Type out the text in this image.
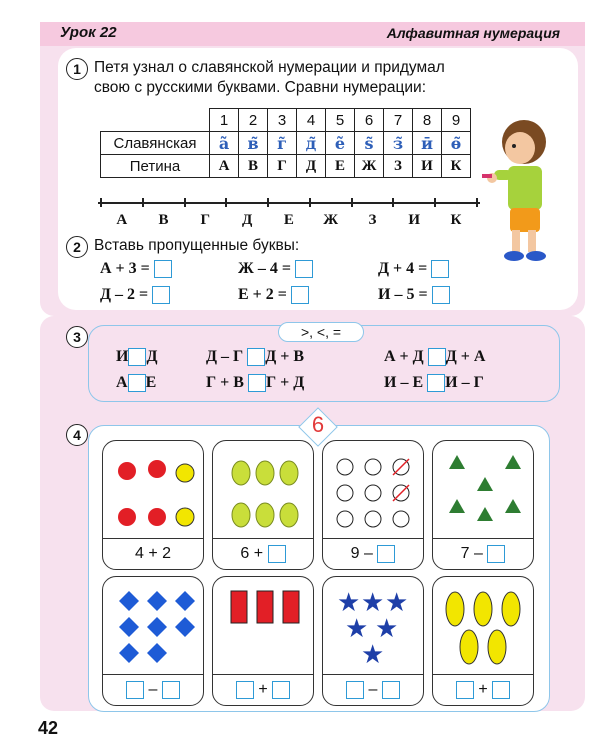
Урок 22	Алфавитная нумерация
1 Петя узнал о славянской нумерации и придумал
свою с русскими буквами. Сравни нумерации:
	1	2	3	4	5	6	7	8	9
Славянская	ã	в̃	г̃	д̃	ẽ	ѕ̃	з̃	ӣ	ѳ̃
Петина	А	В	Г	Д	Е	Ж	З	И	К
А	В	Г	Д	Е	Ж	З	И	К
2 Вставь пропущенные буквы:
А + 3 =	Ж – 4 =	Д + 4 =
Д – 2 =	Е + 2 =	И – 5 =
3	>, <, =
И Д	Д – Г Д + В	А + Д Д + А
А Е	Г + В Г + Д	И – Е И – Г
4	6
4 + 2	6 +	9 –	7 –
–	+
★ ★ ★
★ ★
★
–	+
42
